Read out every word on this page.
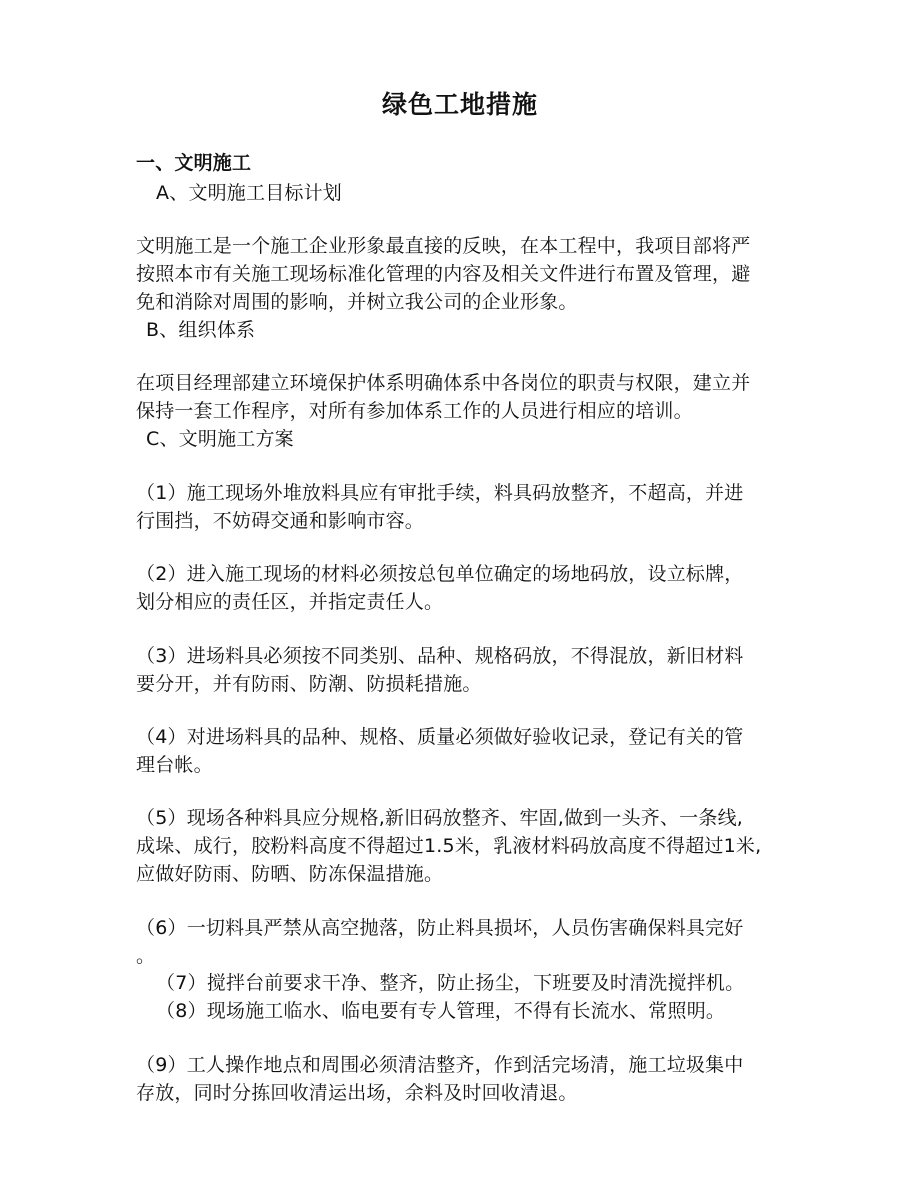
绿色工地措施
一、文明施工
A、文明施工目标计划
文明施工是一个施工企业形象最直接的反映，在本工程中，我项目部将严
按照本市有关施工现场标准化管理的内容及相关文件进行布置及管理，避
免和消除对周围的影响，并树立我公司的企业形象。
B、组织体系
在项目经理部建立环境保护体系明确体系中各岗位的职责与权限，建立并
保持一套工作程序，对所有参加体系工作的人员进行相应的培训。
C、文明施工方案
（1）施工现场外堆放料具应有审批手续，料具码放整齐，不超高，并进
行围挡，不妨碍交通和影响市容。
（2）进入施工现场的材料必须按总包单位确定的场地码放，设立标牌，
划分相应的责任区，并指定责任人。
（3）进场料具必须按不同类别、品种、规格码放，不得混放，新旧材料
要分开，并有防雨、防潮、防损耗措施。
（4）对进场料具的品种、规格、质量必须做好验收记录，登记有关的管
理台帐。
（5）现场各种料具应分规格,新旧码放整齐、牢固,做到一头齐、一条线,
成垛、成行，胶粉料高度不得超过1.5米，乳液材料码放高度不得超过1米,
应做好防雨、防晒、防冻保温措施。
（6）一切料具严禁从高空抛落，防止料具损坏，人员伤害确保料具完好
。
（7）搅拌台前要求干净、整齐，防止扬尘，下班要及时清洗搅拌机。
（8）现场施工临水、临电要有专人管理，不得有长流水、常照明。
（9）工人操作地点和周围必须清洁整齐，作到活完场清，施工垃圾集中
存放，同时分拣回收清运出场，余料及时回收清退。
